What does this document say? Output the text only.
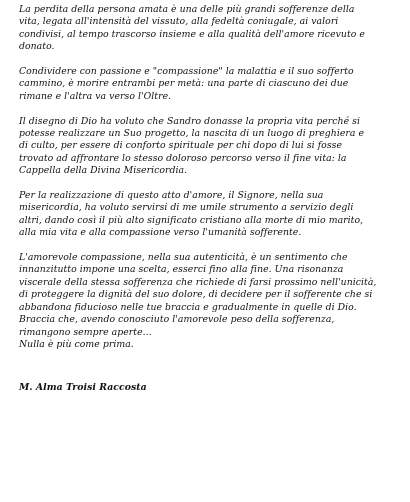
La perdita della persona amata è una delle più grandi sofferenze della
vita, legata all'intensità del vissuto, alla fedeltà coniugale, ai valori
condivisi, al tempo trascorso insieme e alla qualità dell'amore ricevuto e
donato.
Condividere con passione e "compassione" la malattia e il suo sofferto
cammino, è morire entrambi per metà: una parte di ciascuno dei due
rimane e l'altra va verso l'Oltre.
Il disegno di Dio ha voluto che Sandro donasse la propria vita perché si
potesse realizzare un Suo progetto, la nascita di un luogo di preghiera e
di culto, per essere di conforto spirituale per chi dopo di lui si fosse
trovato ad affrontare lo stesso doloroso percorso verso il fine vita: la
Cappella della Divina Misericordia.
Per la realizzazione di questo atto d'amore, il Signore, nella sua
misericordia, ha voluto servirsi di me umile strumento a servizio degli
altri, dando così il più alto significato cristiano alla morte di mio marito,
alla mia vita e alla compassione verso l'umanità sofferente.
L'amorevole compassione, nella sua autenticità, è un sentimento che
innanzitutto impone una scelta, esserci fino alla fine. Una risonanza
viscerale della stessa sofferenza che richiede di farsi prossimo nell'unicità,
di proteggere la dignità del suo dolore, di decidere per il sofferente che si
abbandona fiducioso nelle tue braccia e gradualmente in quelle di Dio.
Braccia che, avendo conosciuto l'amorevole peso della sofferenza,
rimangono sempre aperte...
Nulla è più come prima.
M. Alma Troisi Raccosta
